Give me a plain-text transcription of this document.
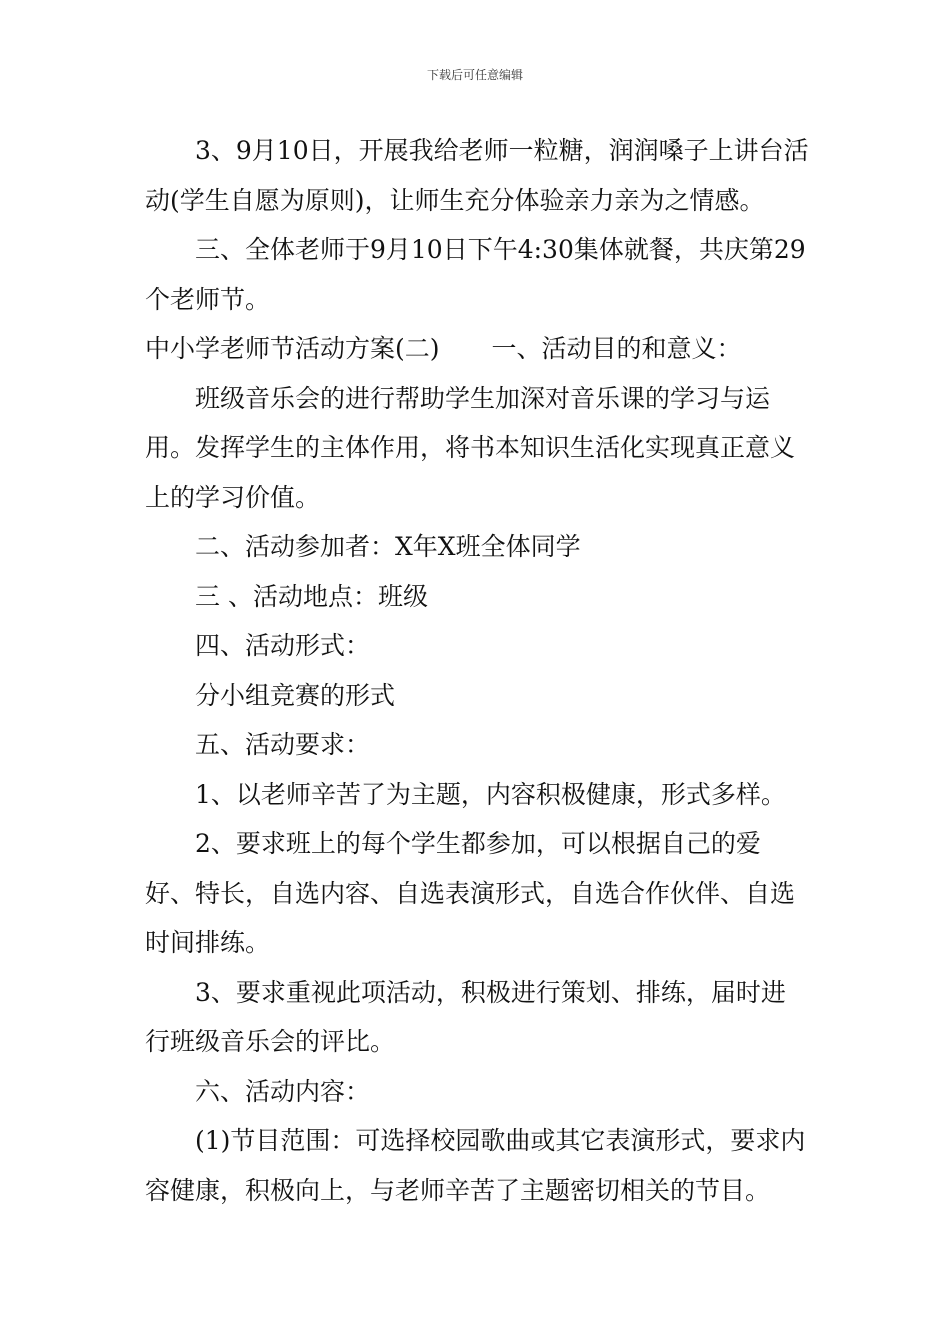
下载后可任意编辑

3、9月10日，开展我给老师一粒糖，润润嗓子上讲台活动(学生自愿为原则)，让师生充分体验亲力亲为之情感。

三、全体老师于9月10日下午4:30集体就餐，共庆第29个老师节。

中小学老师节活动方案(二) 一、活动目的和意义：

班级音乐会的进行帮助学生加深对音乐课的学习与运用。发挥学生的主体作用，将书本知识生活化实现真正意义上的学习价值。

二、活动参加者：X年X班全体同学

三 、活动地点：班级

四、活动形式：

分小组竞赛的形式

五、活动要求：

1、以老师辛苦了为主题，内容积极健康，形式多样。

2、要求班上的每个学生都参加，可以根据自己的爱好、特长，自选内容、自选表演形式，自选合作伙伴、自选时间排练。

3、要求重视此项活动，积极进行策划、排练，届时进行班级音乐会的评比。

六、活动内容：

(1)节目范围：可选择校园歌曲或其它表演形式，要求内容健康，积极向上，与老师辛苦了主题密切相关的节目。
